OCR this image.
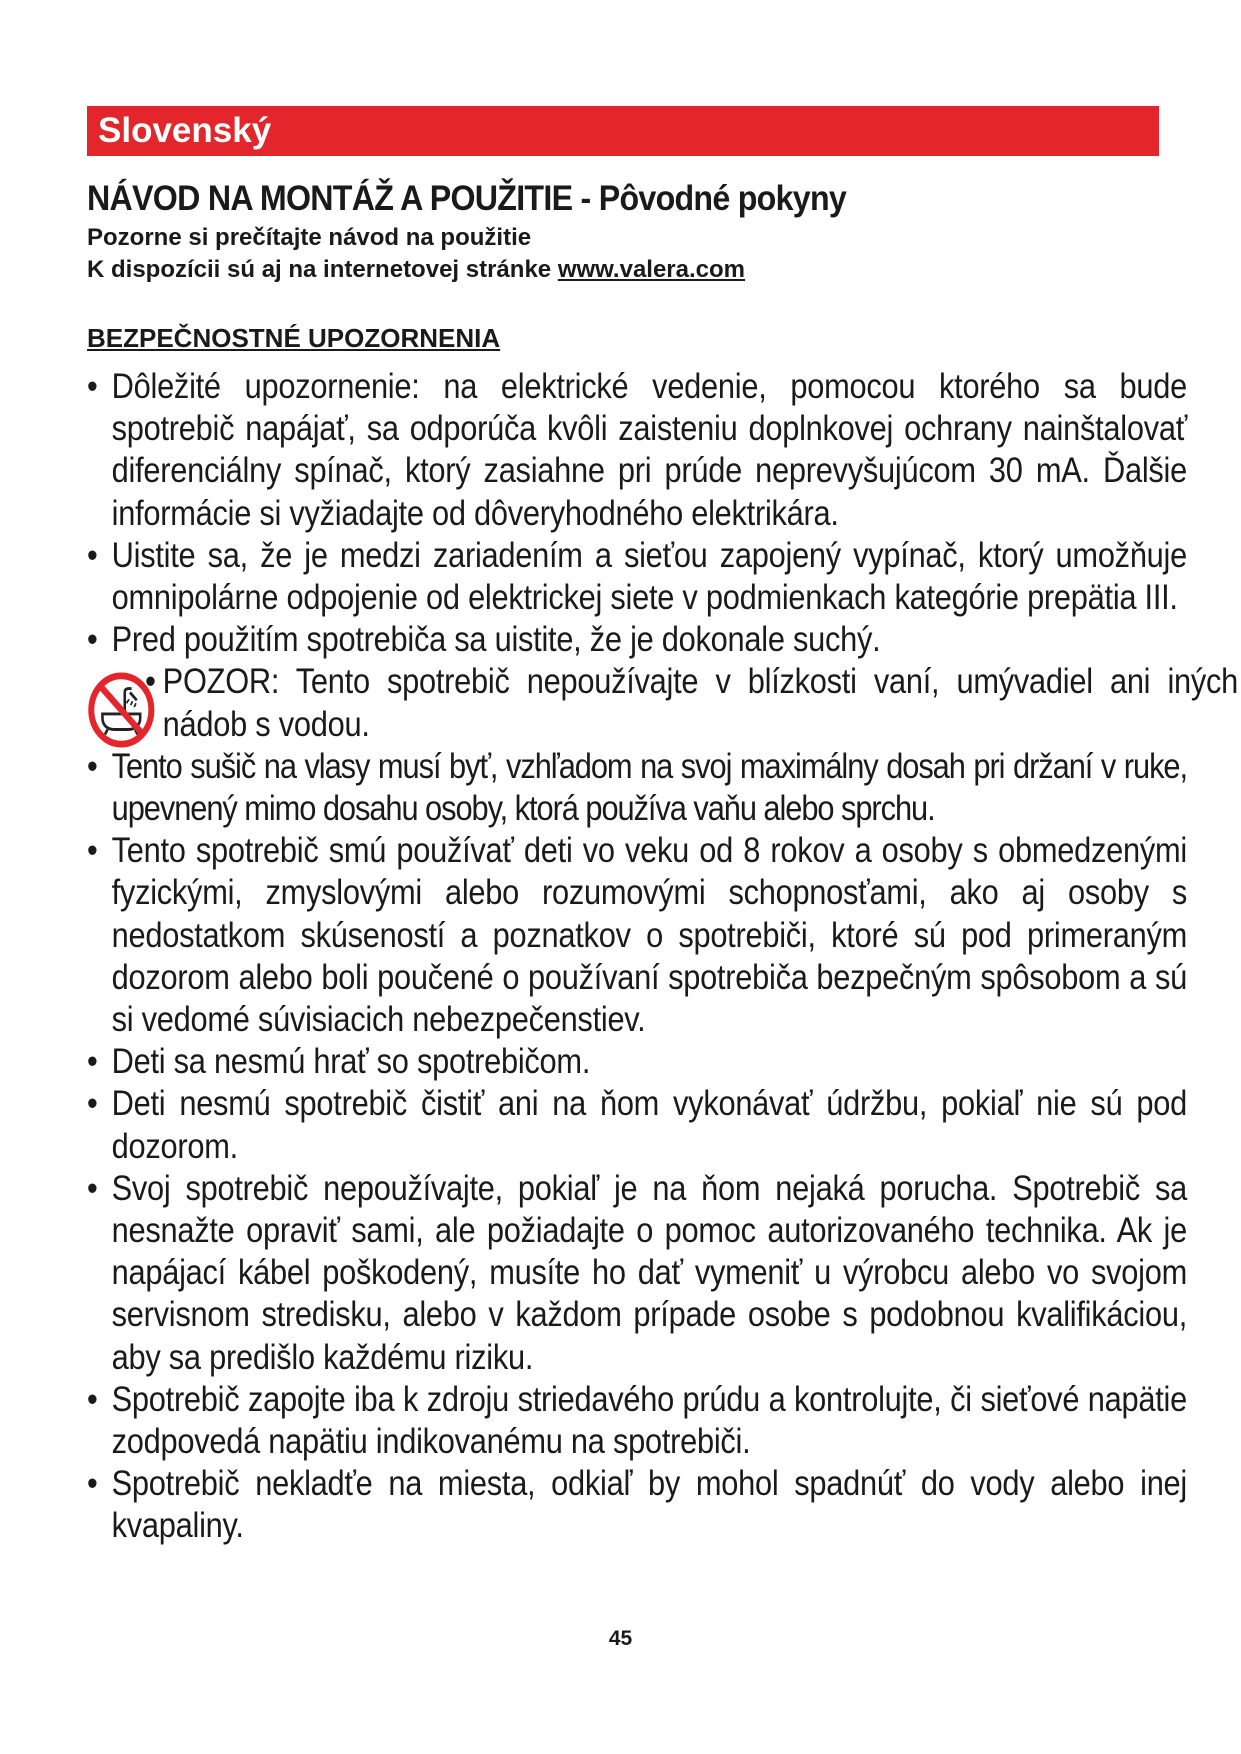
Slovenský
NÁVOD NA MONTÁŽ A POUŽITIE - Pôvodné pokyny
Pozorne si prečítajte návod na použitie
K dispozícii sú aj na internetovej stránke www.valera.com
BEZPEČNOSTNÉ UPOZORNENIA
• Dôležité upozornenie: na elektrické vedenie, pomocou ktorého sa bude spotrebič napájať, sa odporúča kvôli zaisteniu doplnkovej ochrany nainštalovať diferenciálny spínač, ktorý zasiahne pri prúde neprevyšujúcom 30 mA. Ďalšie informácie si vyžiadajte od dôveryhodného elektrikára.
• Uistite sa, že je medzi zariadením a sieťou zapojený vypínač, ktorý umožňuje omnipolárne odpojenie od elektrickej siete v podmienkach kategórie prepätia III.
• Pred použitím spotrebiča sa uistite, že je dokonale suchý.
• POZOR: Tento spotrebič nepoužívajte v blízkosti vaní, umývadiel ani iných nádob s vodou.
• Tento sušič na vlasy musí byť, vzhľadom na svoj maximálny dosah pri držaní v ruke, upevnený mimo dosahu osoby, ktorá používa vaňu alebo sprchu.
• Tento spotrebič smú používať deti vo veku od 8 rokov a osoby s obmedzenými fyzickými, zmyslovými alebo rozumovými schopnosťami, ako aj osoby s nedostatkom skúseností a poznatkov o spotrebiči, ktoré sú pod primeraným dozorom alebo boli poučené o používaní spotrebiča bezpečným spôsobom a sú si vedomé súvisiacich nebezpečenstiev.
• Deti sa nesmú hrať so spotrebičom.
• Deti nesmú spotrebič čistiť ani na ňom vykonávať údržbu, pokiaľ nie sú pod dozorom.
• Svoj spotrebič nepoužívajte, pokiaľ je na ňom nejaká porucha. Spotrebič sa nesnažte opraviť sami, ale požiadajte o pomoc autorizovaného technika. Ak je napájací kábel poškodený, musíte ho dať vymeniť u výrobcu alebo vo svojom servisnom stredisku, alebo v každom prípade osobe s podobnou kvalifikáciou, aby sa predišlo každému riziku.
• Spotrebič zapojte iba k zdroju striedavého prúdu a kontrolujte, či sieťové napätie zodpovedá napätiu indikovanému na spotrebiči.
• Spotrebič nekladťe na miesta, odkiaľ by mohol spadnúť do vody alebo inej kvapaliny.
45
